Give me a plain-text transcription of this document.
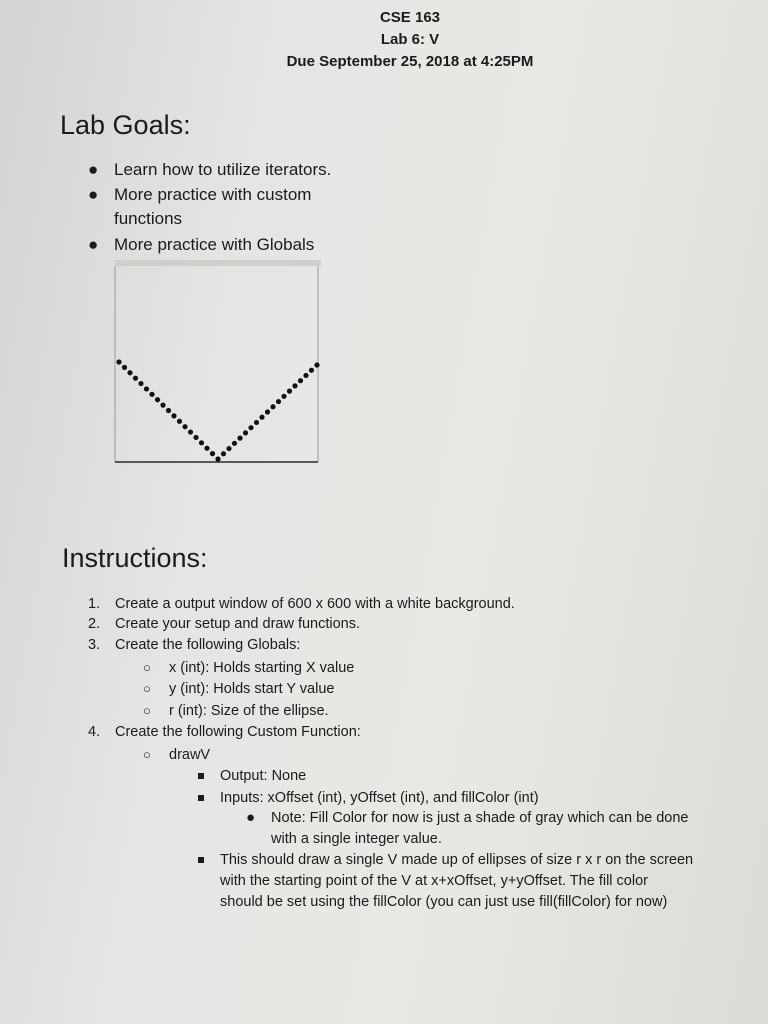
CSE 163
Lab 6: V
Due September 25, 2018 at 4:25PM
Lab Goals:
● Learn how to utilize iterators.
● More practice with custom
functions
● More practice with Globals
Instructions:
1. Create a output window of 600 x 600 with a white background.
2. Create your setup and draw functions.
3. Create the following Globals:
○ x (int): Holds starting X value
○ y (int): Holds start Y value
○ r (int): Size of the ellipse.
4. Create the following Custom Function:
○ drawV
Output: None
Inputs: xOffset (int), yOffset (int), and fillColor (int)
● Note: Fill Color for now is just a shade of gray which can be done
with a single integer value.
This should draw a single V made up of ellipses of size r x r on the screen
with the starting point of the V at x+xOffset, y+yOffset. The fill color
should be set using the fillColor (you can just use fill(fillColor) for now)
